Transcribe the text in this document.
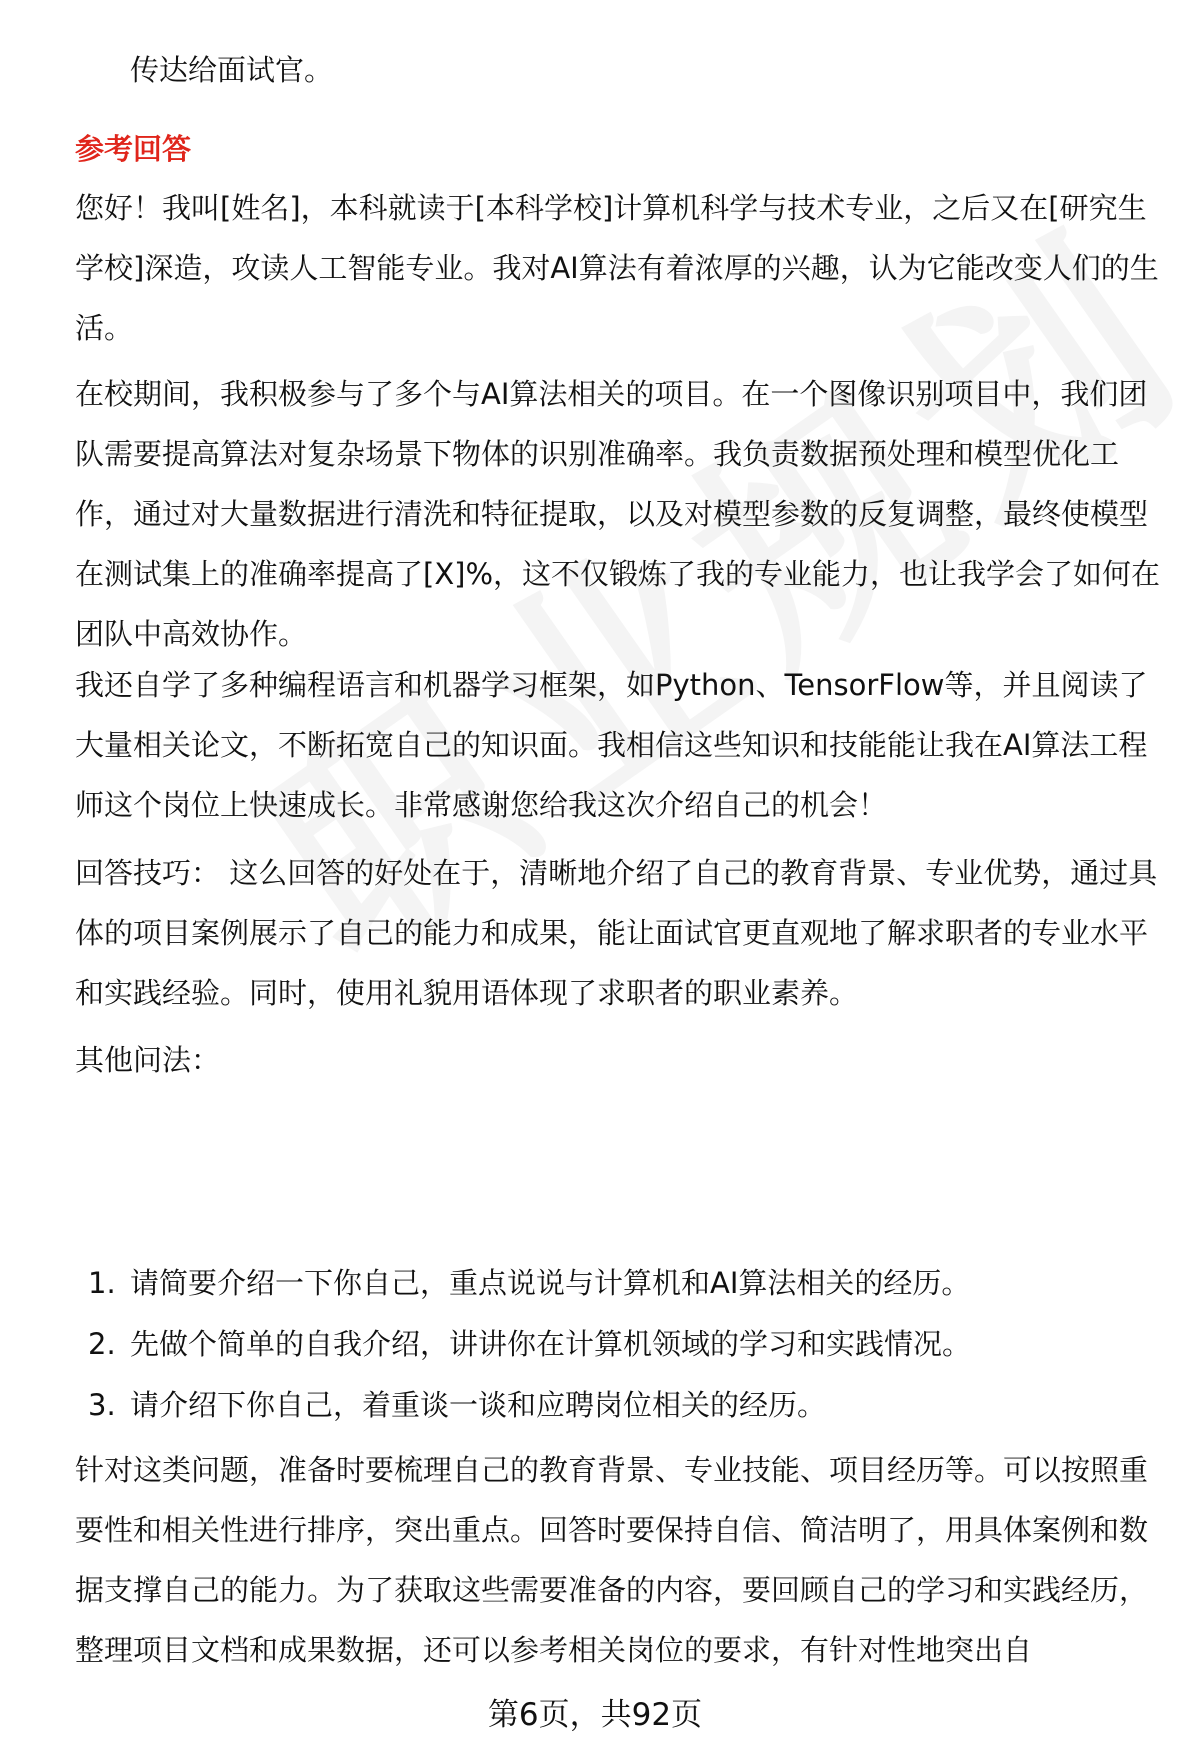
传达给面试官。

参考回答

您好！我叫[姓名]，本科就读于[本科学校]计算机科学与技术专业，之后又在[研究生学校]深造，攻读人工智能专业。我对AI算法有着浓厚的兴趣，认为它能改变人们的生活。

在校期间，我积极参与了多个与AI算法相关的项目。在一个图像识别项目中，我们团队需要提高算法对复杂场景下物体的识别准确率。我负责数据预处理和模型优化工作，通过对大量数据进行清洗和特征提取，以及对模型参数的反复调整，最终使模型在测试集上的准确率提高了[X]%，这不仅锻炼了我的专业能力，也让我学会了如何在团队中高效协作。

我还自学了多种编程语言和机器学习框架，如Python、TensorFlow等，并且阅读了大量相关论文，不断拓宽自己的知识面。我相信这些知识和技能能让我在AI算法工程师这个岗位上快速成长。非常感谢您给我这次介绍自己的机会！

回答技巧： 这么回答的好处在于，清晰地介绍了自己的教育背景、专业优势，通过具体的项目案例展示了自己的能力和成果，能让面试官更直观地了解求职者的专业水平和实践经验。同时，使用礼貌用语体现了求职者的职业素养。

其他问法：

1. 请简要介绍一下你自己，重点说说与计算机和AI算法相关的经历。
2. 先做个简单的自我介绍，讲讲你在计算机领域的学习和实践情况。
3. 请介绍下你自己，着重谈一谈和应聘岗位相关的经历。

针对这类问题，准备时要梳理自己的教育背景、专业技能、项目经历等。可以按照重要性和相关性进行排序，突出重点。回答时要保持自信、简洁明了，用具体案例和数据支撑自己的能力。为了获取这些需要准备的内容，要回顾自己的学习和实践经历，整理项目文档和成果数据，还可以参考相关岗位的要求，有针对性地突出自

第6页，共92页
